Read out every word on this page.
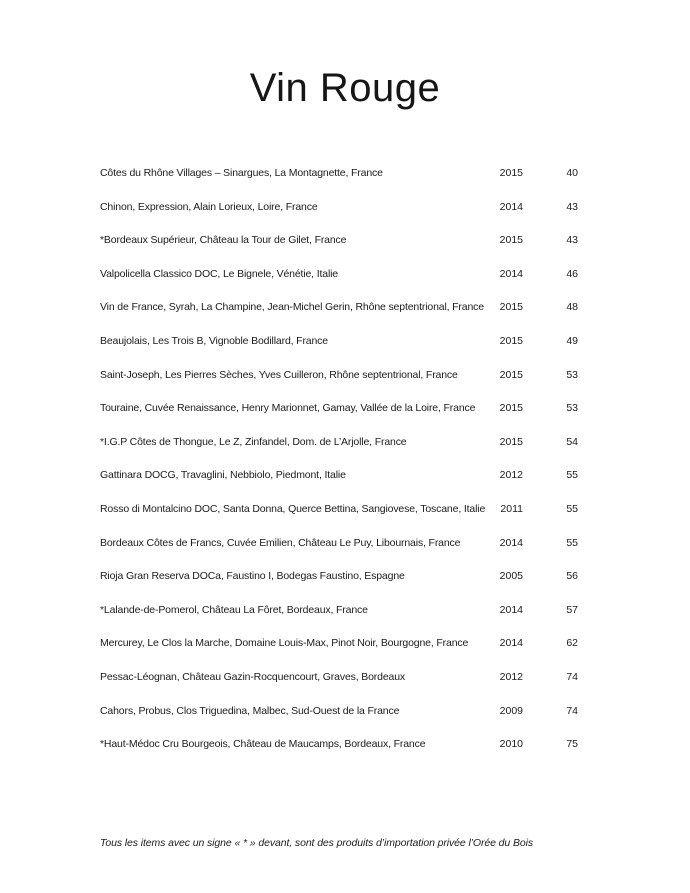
Vin Rouge
Côtes du Rhône Villages – Sinargues, La Montagnette, France	2015	40
Chinon, Expression, Alain Lorieux, Loire, France	2014	43
*Bordeaux Supérieur, Château la Tour de Gilet, France	2015	43
Valpolicella Classico DOC, Le Bignele, Vénétie, Italie	2014	46
Vin de France, Syrah, La Champine, Jean-Michel Gerin, Rhône septentrional, France	2015	48
Beaujolais, Les Trois B, Vignoble Bodillard, France	2015	49
Saint-Joseph, Les Pierres Sèches, Yves Cuilleron, Rhône septentrional, France	2015	53
Touraine, Cuvée Renaissance, Henry Marionnet, Gamay, Vallée de la Loire, France	2015	53
*I.G.P Côtes de Thongue, Le Z, Zinfandel, Dom. de L’Arjolle, France	2015	54
Gattinara DOCG, Travaglini, Nebbiolo, Piedmont, Italie	2012	55
Rosso di Montalcino DOC, Santa Donna, Querce Bettina, Sangiovese, Toscane, Italie	2011	55
Bordeaux Côtes de Francs, Cuvée Emilien, Château Le Puy, Libournais, France	2014	55
Rioja Gran Reserva DOCa, Faustino I, Bodegas Faustino, Espagne	2005	56
*Lalande-de-Pomerol, Château La Fôret, Bordeaux, France	2014	57
Mercurey, Le Clos la Marche, Domaine Louis-Max, Pinot Noir, Bourgogne, France	2014	62
Pessac-Léognan, Château Gazin-Rocquencourt, Graves, Bordeaux	2012	74
Cahors, Probus, Clos Triguedina, Malbec, Sud-Ouest de la France	2009	74
*Haut-Médoc Cru Bourgeois, Château de Maucamps, Bordeaux, France	2010	75
Tous les items avec un signe « * » devant, sont des produits d’importation privée l’Orée du Bois
